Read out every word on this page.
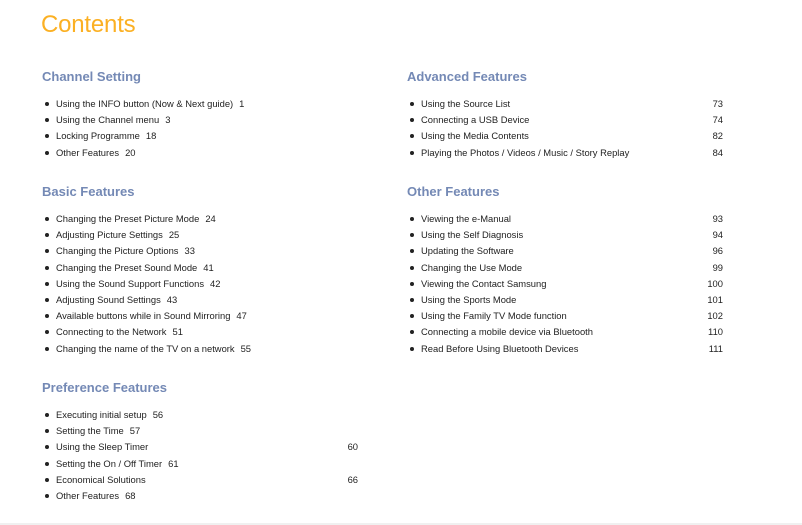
Contents
Channel Setting
Using the INFO button (Now & Next guide) 1
Using the Channel menu 3
Locking Programme 18
Other Features 20
Basic Features
Changing the Preset Picture Mode 24
Adjusting Picture Settings 25
Changing the Picture Options 33
Changing the Preset Sound Mode 41
Using the Sound Support Functions 42
Adjusting Sound Settings 43
Available buttons while in Sound Mirroring 47
Connecting to the Network 51
Changing the name of the TV on a network 55
Preference Features
Executing initial setup 56
Setting the Time 57
Using the Sleep Timer	60
Setting the On / Off Timer 61
Economical Solutions	66
Other Features 68
Advanced Features
Using the Source List	73
Connecting a USB Device	74
Using the Media Contents	82
Playing the Photos / Videos / Music / Story Replay	84
Other Features
Viewing the e-Manual	93
Using the Self Diagnosis	94
Updating the Software	96
Changing the Use Mode	99
Viewing the Contact Samsung	100
Using the Sports Mode	101
Using the Family TV Mode function	102
Connecting a mobile device via Bluetooth	110
Read Before Using Bluetooth Devices	111
